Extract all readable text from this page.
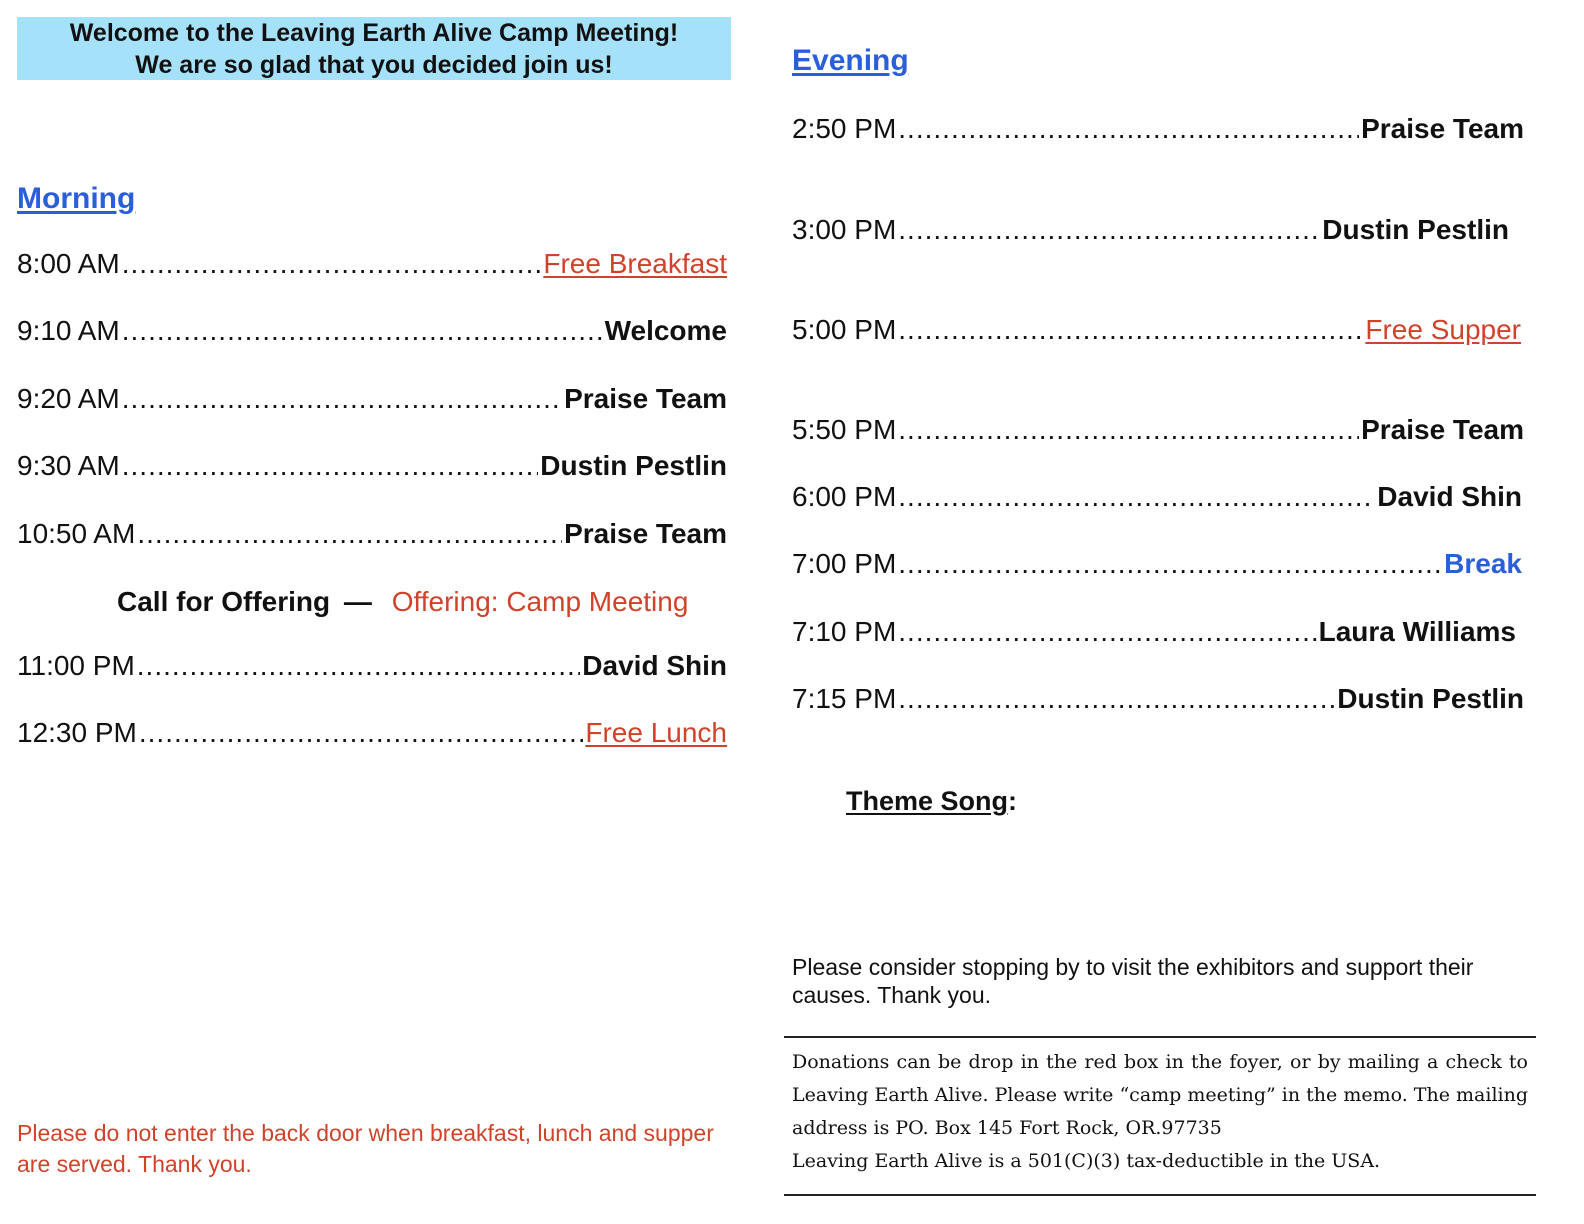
Welcome to the Leaving Earth Alive Camp Meeting!
We are so glad that you decided join us!
Morning
Evening
8:00 AM .....	Free Breakfast
9:10 AM .....	Welcome
9:20 AM .....	Praise Team
9:30 AM .....	Dustin Pestlin
10:50 AM .....	Praise Team
Call for Offering — Offering: Camp Meeting
11:00 PM .....	David Shin
12:30 PM .....	Free Lunch
2:50 PM .....	Praise Team
3:00 PM .....	Dustin Pestlin
5:00 PM .....	Free Supper
5:50 PM .....	Praise Team
6:00 PM .....	David Shin
7:00 PM .....	Break
7:10 PM .....	Laura Williams
7:15 PM .....	Dustin Pestlin
Theme Song:
Please consider stopping by to visit the exhibitors and support their causes. Thank you.

Donations can be drop in the red box in the foyer, or by mailing a check to Leaving Earth Alive. Please write “camp meeting” in the memo. The mailing address is PO. Box 145 Fort Rock, OR.97735

Leaving Earth Alive is a 501(C)(3) tax-deductible in the USA.

Please do not enter the back door when breakfast, lunch and supper are served. Thank you.
